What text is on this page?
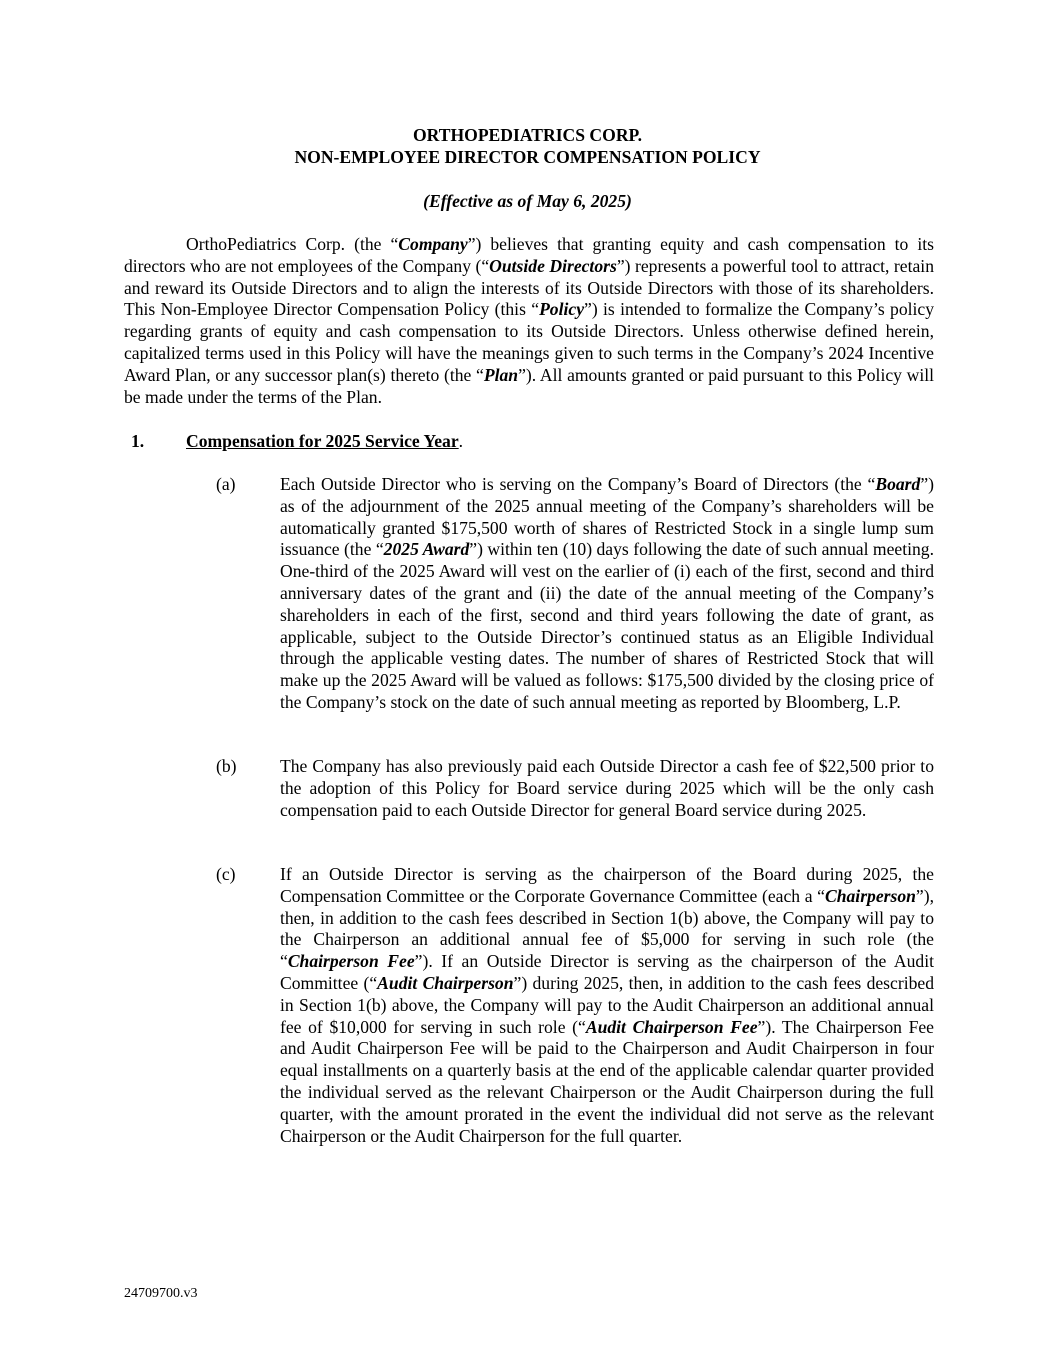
ORTHOPEDIATRICS CORP.
NON-EMPLOYEE DIRECTOR COMPENSATION POLICY
(Effective as of May 6, 2025)

OrthoPediatrics Corp. (the “Company”) believes that granting equity and cash compensation to its directors who are not employees of the Company (“Outside Directors”) represents a powerful tool to attract, retain and reward its Outside Directors and to align the interests of its Outside Directors with those of its shareholders. This Non-Employee Director Compensation Policy (this “Policy”) is intended to formalize the Company’s policy regarding grants of equity and cash compensation to its Outside Directors. Unless otherwise defined herein, capitalized terms used in this Policy will have the meanings given to such terms in the Company’s 2024 Incentive Award Plan, or any successor plan(s) thereto (the “Plan”). All amounts granted or paid pursuant to this Policy will be made under the terms of the Plan.

1. Compensation for 2025 Service Year.
(a)	Each Outside Director who is serving on the Company’s Board of Directors (the “Board”) as of the adjournment of the 2025 annual meeting of the Company’s shareholders will be automatically granted $175,500 worth of shares of Restricted Stock in a single lump sum issuance (the “2025 Award”) within ten (10) days following the date of such annual meeting. One-third of the 2025 Award will vest on the earlier of (i) each of the first, second and third anniversary dates of the grant and (ii) the date of the annual meeting of the Company’s shareholders in each of the first, second and third years following the date of grant, as applicable, subject to the Outside Director’s continued status as an Eligible Individual through the applicable vesting dates. The number of shares of Restricted Stock that will make up the 2025 Award will be valued as follows: $175,500 divided by the closing price of the Company’s stock on the date of such annual meeting as reported by Bloomberg, L.P.

(b) The Company has also previously paid each Outside Director a cash fee of $22,500 prior to the adoption of this Policy for Board service during 2025 which will be the only cash compensation paid to each Outside Director for general Board service during 2025.

(c)	If an Outside Director is serving as the chairperson of the Board during 2025, the Compensation Committee or the Corporate Governance Committee (each a “Chairperson”), then, in addition to the cash fees described in Section 1(b) above, the Company will pay to the Chairperson an additional annual fee of $5,000 for serving in such role (the “Chairperson Fee”). If an Outside Director is serving as the chairperson of the Audit Committee (“Audit Chairperson”) during 2025, then, in addition to the cash fees described in Section 1(b) above, the Company will pay to the Audit Chairperson an additional annual fee of $10,000 for serving in such role (“Audit Chairperson Fee”). The Chairperson Fee and Audit Chairperson Fee will be paid to the Chairperson and Audit Chairperson in four equal installments on a quarterly basis at the end of the applicable calendar quarter provided the individual served as the relevant Chairperson or the Audit Chairperson during the full quarter, with the amount prorated in the event the individual did not serve as the relevant Chairperson or the Audit Chairperson for the full quarter.

24709700.v3
